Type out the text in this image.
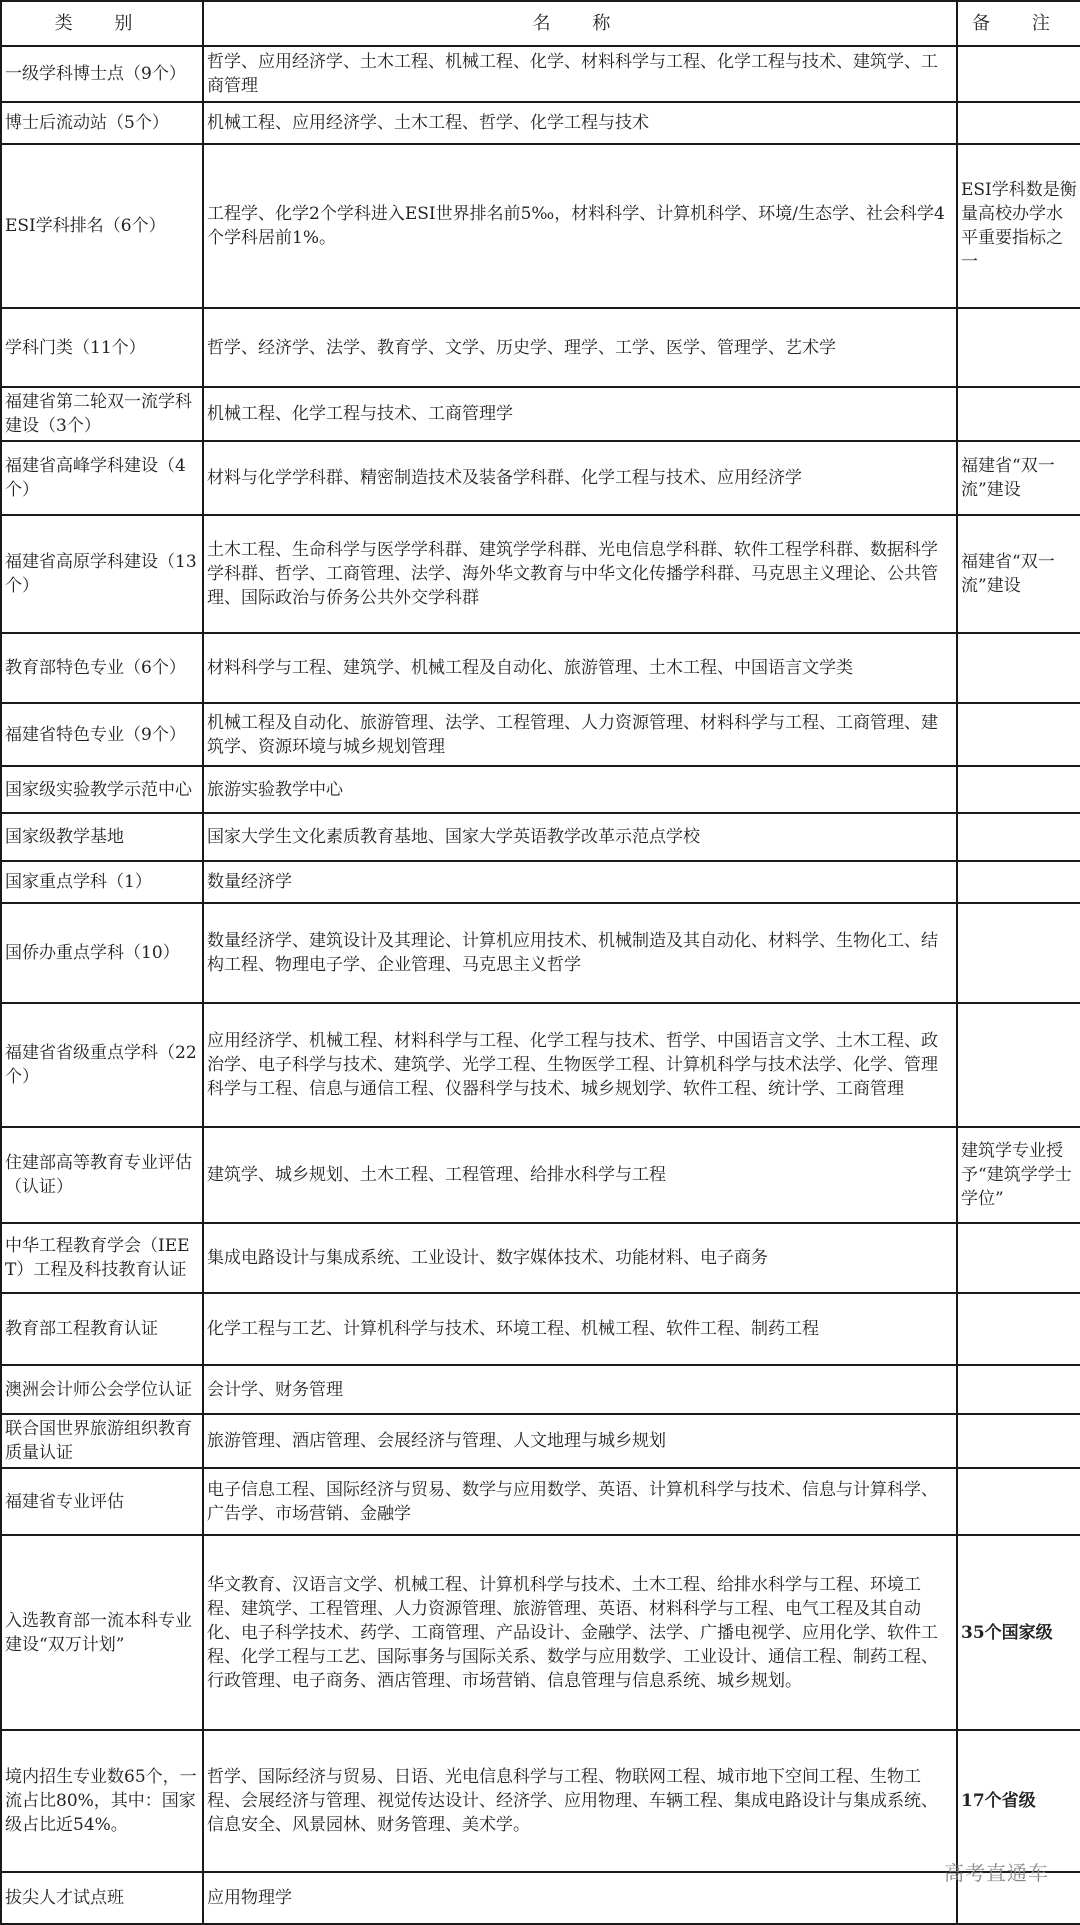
类 别	名 称	备 注
一级学科博士点（9个）	哲学、应用经济学、土木工程、机械工程、化学、材料科学与工程、化学工程与技术、建筑学、工商管理	
博士后流动站（5个）	机械工程、应用经济学、土木工程、哲学、化学工程与技术	
ESI学科排名（6个）	工程学、化学2个学科进入ESI世界排名前5‰，材料科学、计算机科学、环境/生态学、社会科学4个学科居前1%。	ESI学科数是衡量高校办学水平重要指标之一
学科门类（11个）	哲学、经济学、法学、教育学、文学、历史学、理学、工学、医学、管理学、艺术学	
福建省第二轮双一流学科建设（3个）	机械工程、化学工程与技术、工商管理学	
福建省高峰学科建设（4个）	材料与化学学科群、精密制造技术及装备学科群、化学工程与技术、应用经济学	福建省“双一流”建设
福建省高原学科建设（13个）	土木工程、生命科学与医学学科群、建筑学学科群、光电信息学科群、软件工程学科群、数据科学学科群、哲学、工商管理、法学、海外华文教育与中华文化传播学科群、马克思主义理论、公共管理、国际政治与侨务公共外交学科群	福建省“双一流”建设
教育部特色专业（6个）	材料科学与工程、建筑学、机械工程及自动化、旅游管理、土木工程、中国语言文学类	
福建省特色专业（9个）	机械工程及自动化、旅游管理、法学、工程管理、人力资源管理、材料科学与工程、工商管理、建筑学、资源环境与城乡规划管理	
国家级实验教学示范中心	旅游实验教学中心	
国家级教学基地	国家大学生文化素质教育基地、国家大学英语教学改革示范点学校	
国家重点学科（1）	数量经济学	
国侨办重点学科（10）	数量经济学、建筑设计及其理论、计算机应用技术、机械制造及其自动化、材料学、生物化工、结构工程、物理电子学、企业管理、马克思主义哲学	
福建省省级重点学科（22个）	应用经济学、机械工程、材料科学与工程、化学工程与技术、哲学、中国语言文学、土木工程、政治学、电子科学与技术、建筑学、光学工程、生物医学工程、计算机科学与技术法学、化学、管理科学与工程、信息与通信工程、仪器科学与技术、城乡规划学、软件工程、统计学、工商管理	
住建部高等教育专业评估（认证）	建筑学、城乡规划、土木工程、工程管理、给排水科学与工程	建筑学专业授予“建筑学学士学位”
中华工程教育学会（IEET）工程及科技教育认证	集成电路设计与集成系统、工业设计、数字媒体技术、功能材料、电子商务	
教育部工程教育认证	化学工程与工艺、计算机科学与技术、环境工程、机械工程、软件工程、制药工程	
澳洲会计师公会学位认证	会计学、财务管理	
联合国世界旅游组织教育质量认证	旅游管理、酒店管理、会展经济与管理、人文地理与城乡规划	
福建省专业评估	电子信息工程、国际经济与贸易、数学与应用数学、英语、计算机科学与技术、信息与计算科学、广告学、市场营销、金融学	

入选教育部一流本科专业建设“双万计划”	华文教育、汉语言文学、机械工程、计算机科学与技术、土木工程、给排水科学与工程、环境工程、建筑学、工程管理、人力资源管理、旅游管理、英语、材料科学与工程、电气工程及其自动化、电子科学技术、药学、工商管理、产品设计、金融学、法学、广播电视学、应用化学、软件工程、化学工程与工艺、国际事务与国际关系、数学与应用数学、工业设计、通信工程、制药工程、行政管理、电子商务、酒店管理、市场营销、信息管理与信息系统、城乡规划。	35个国家级
境内招生专业数65个，一流占比80%，其中：国家级占比近54%。	哲学、国际经济与贸易、日语、光电信息科学与工程、物联网工程、城市地下空间工程、生物工程、会展经济与管理、视觉传达设计、经济学、应用物理、车辆工程、集成电路设计与集成系统、信息安全、风景园林、财务管理、美术学。	17个省级
拔尖人才试点班	应用物理学	
高考直通车
